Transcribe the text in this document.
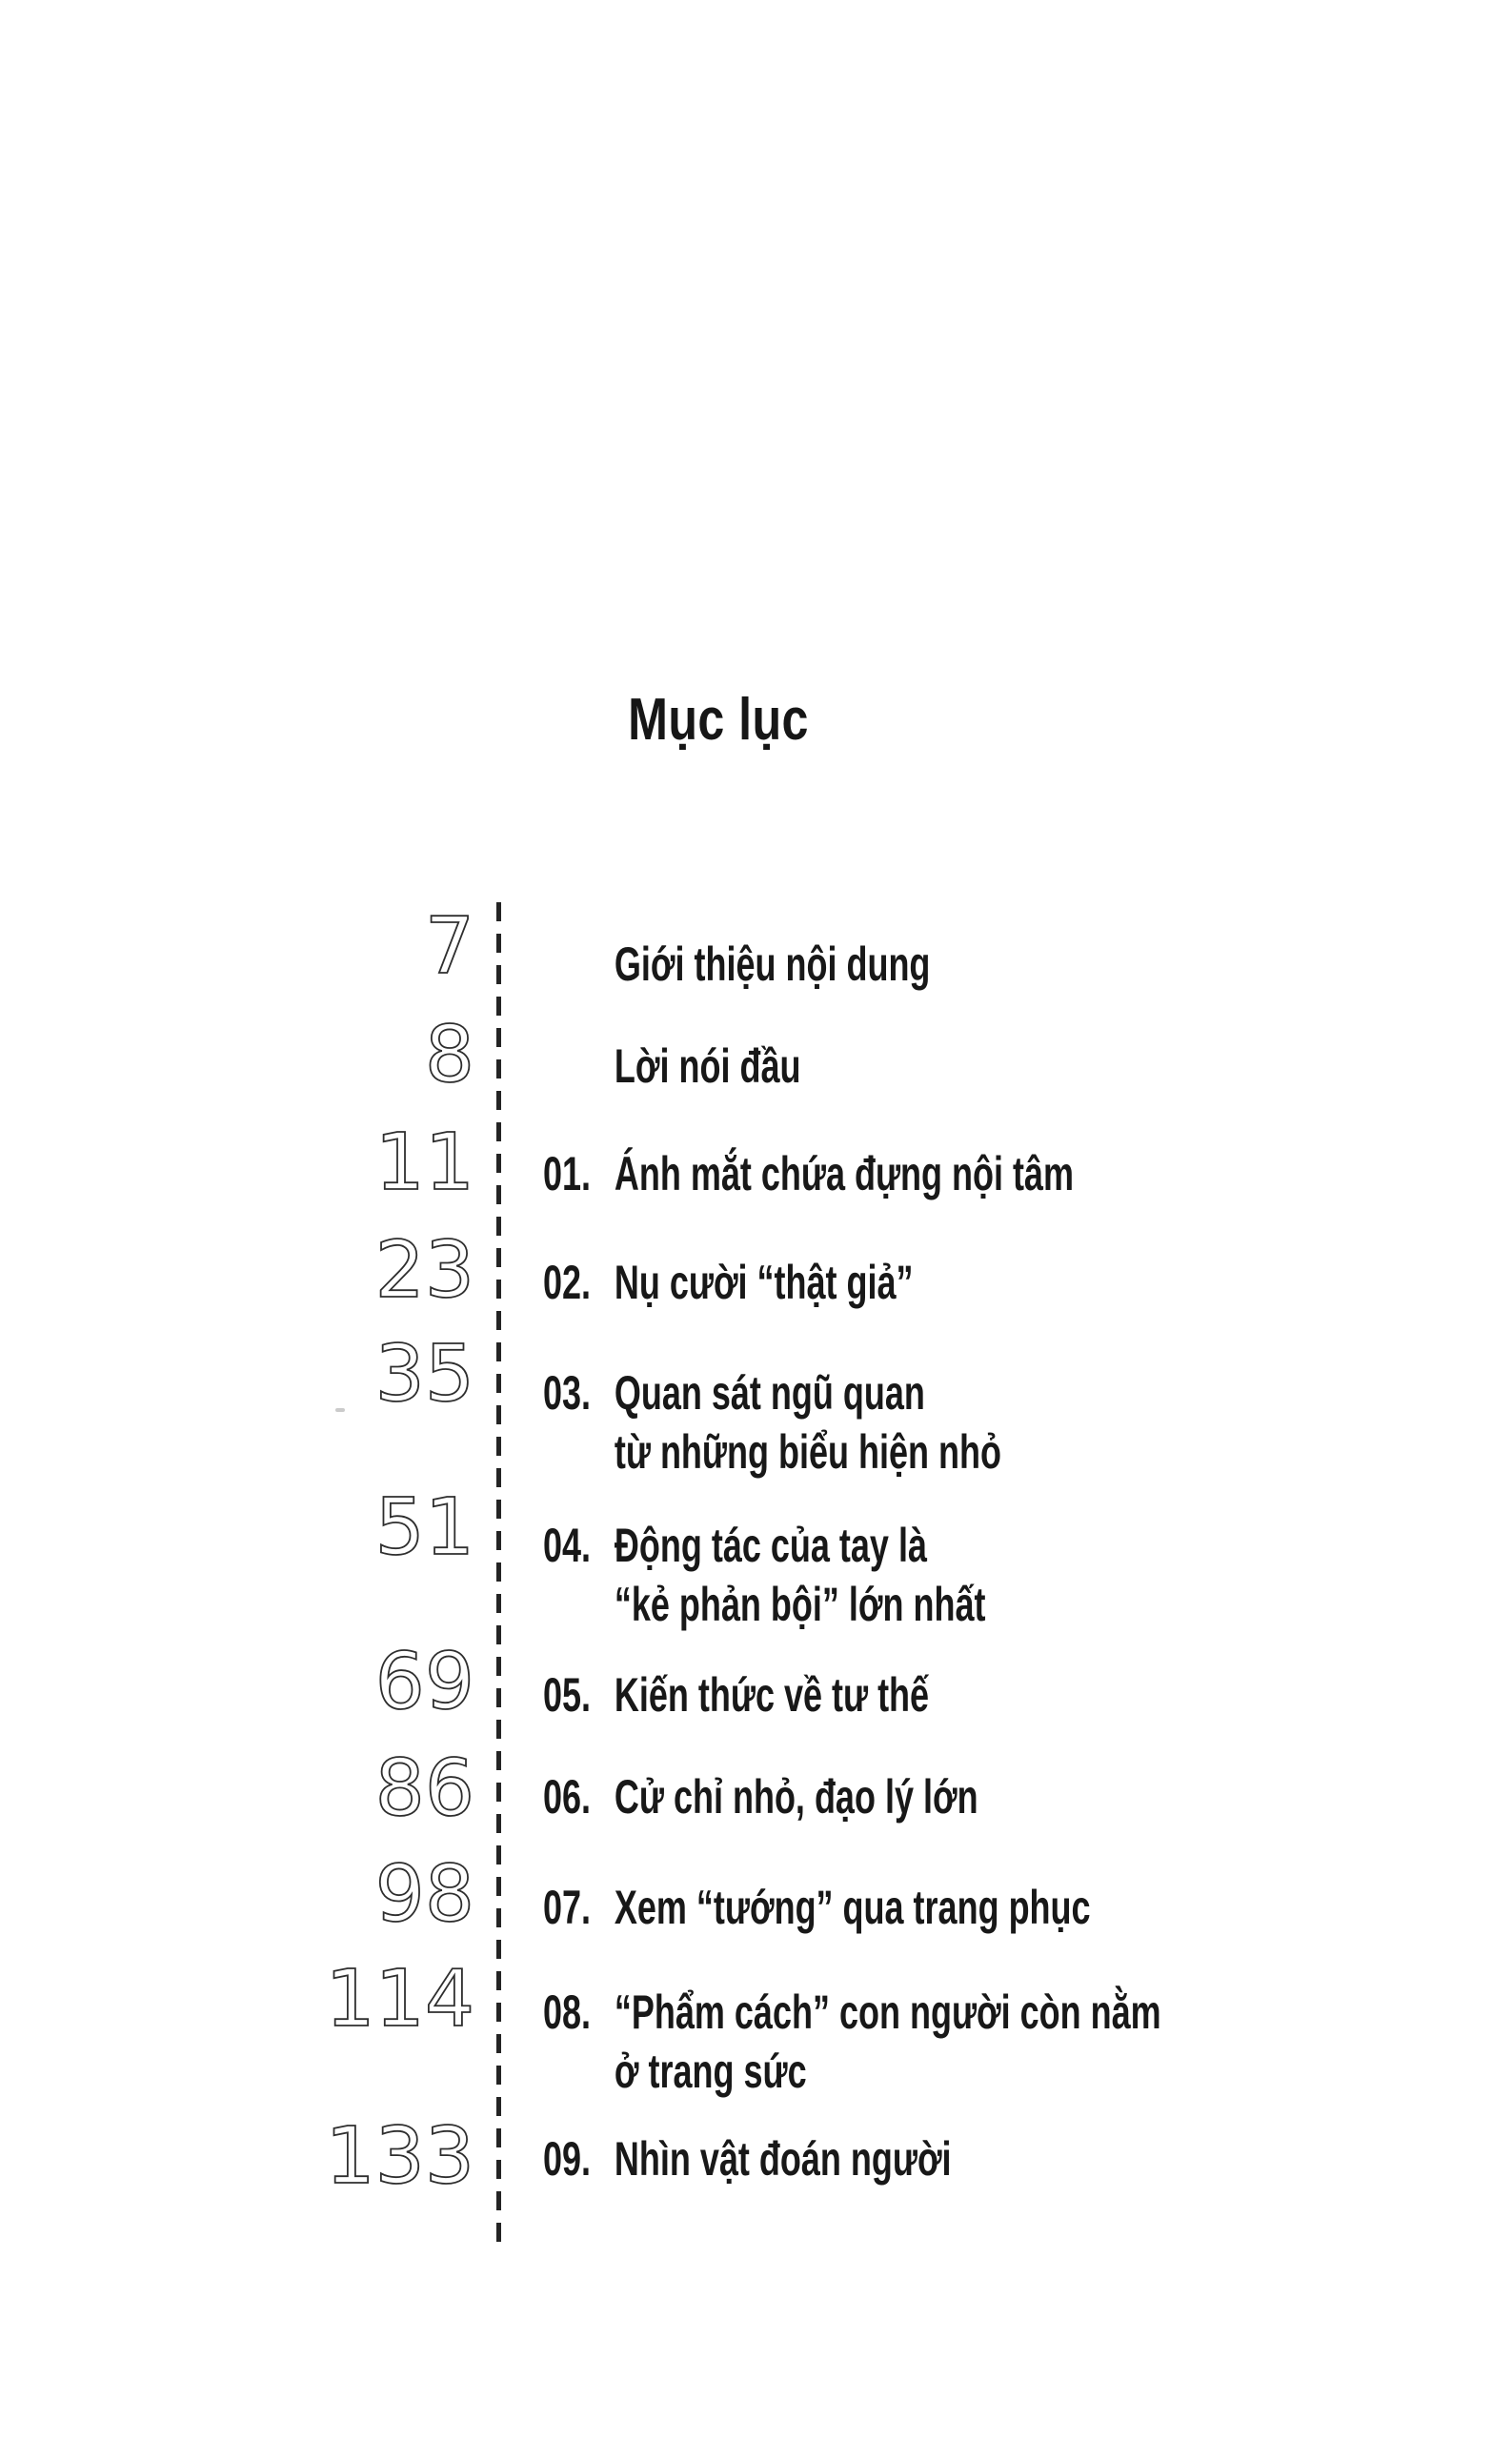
Mục lục
7	Giới thiệu nội dung
8	Lời nói đầu
11 01. Ánh mắt chứa đựng nội tâm
23 02. Nụ cười “thật giả”
35 03. Quan sát ngũ quan
từ những biểu hiện nhỏ
51 04. Động tác của tay là
“kẻ phản bội” lớn nhất
69 05. Kiến thức về tư thế
86 06. Cử chỉ nhỏ, đạo lý lớn
98 07. Xem “tướng” qua trang phục
114 08. “Phẩm cách” con người còn nằm
ở trang sức
133 09. Nhìn vật đoán người
